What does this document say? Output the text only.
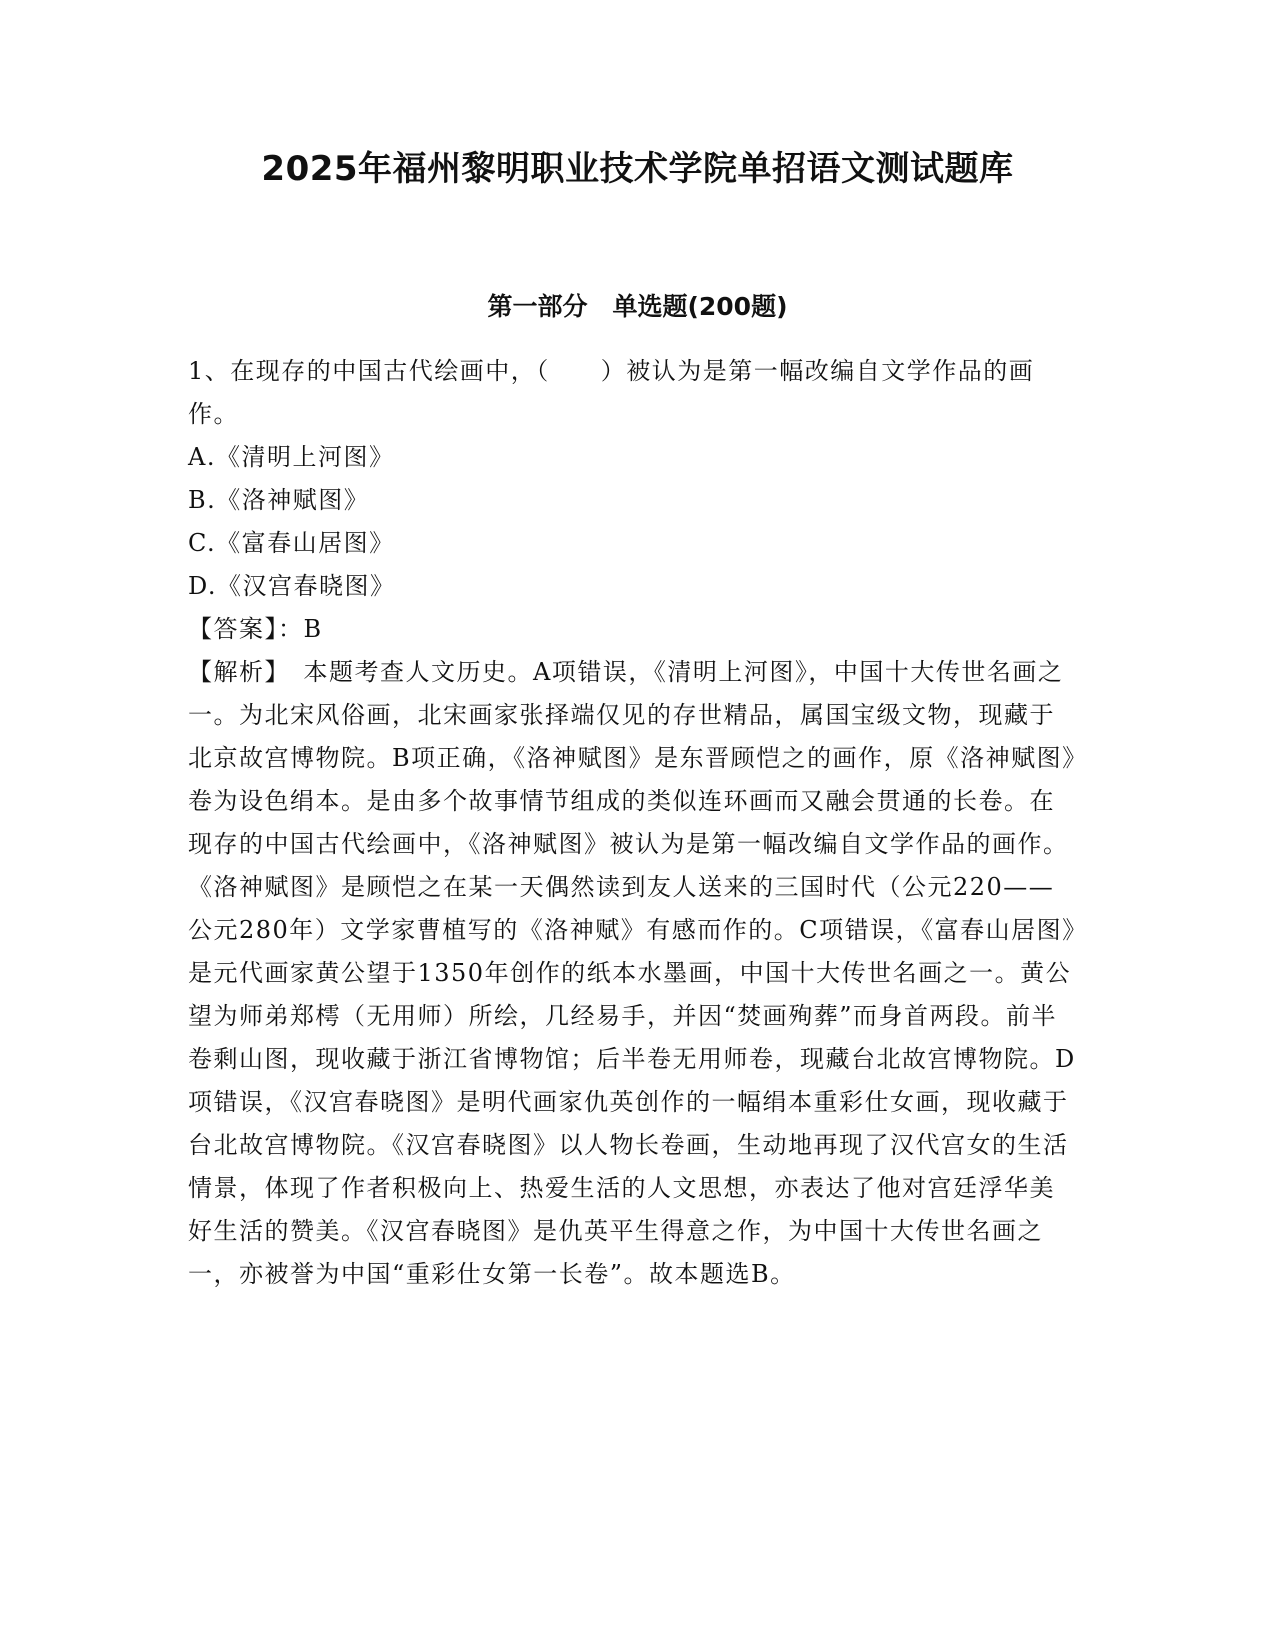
2025年福州黎明职业技术学院单招语文测试题库
第一部分　单选题(200题)

1、在现存的中国古代绘画中，（　　 ）被认为是第一幅改编自文学作品的画作。

A.《清明上河图》

B.《洛神赋图》

C.《富春山居图》

D.《汉宫春晓图》

【答案】：B

【解析】　本题考查人文历史。A项错误，《清明上河图》，中国十大传世名画之一。为北宋风俗画，北宋画家张择端仅见的存世精品，属国宝级文物，现藏于北京故宫博物院。B项正确，《洛神赋图》是东晋顾恺之的画作，原《洛神赋图》卷为设色绢本。是由多个故事情节组成的类似连环画而又融会贯通的长卷。在现存的中国古代绘画中，《洛神赋图》被认为是第一幅改编自文学作品的画作。《洛神赋图》是顾恺之在某一天偶然读到友人送来的三国时代（公元220——公元280年）文学家曹植写的《洛神赋》有感而作的。C项错误，《富春山居图》是元代画家黄公望于1350年创作的纸本水墨画，中国十大传世名画之一。黄公望为师弟郑樗（无用师）所绘，几经易手，并因“焚画殉葬”而身首两段。前半卷剩山图，现收藏于浙江省博物馆；后半卷无用师卷，现藏台北故宫博物院。D项错误，《汉宫春晓图》是明代画家仇英创作的一幅绢本重彩仕女画，现收藏于台北故宫博物院。《汉宫春晓图》以人物长卷画，生动地再现了汉代宫女的生活情景，体现了作者积极向上、热爱生活的人文思想，亦表达了他对宫廷浮华美好生活的赞美。《汉宫春晓图》是仇英平生得意之作，为中国十大传世名画之一，亦被誉为中国“重彩仕女第一长卷”。故本题选B。
